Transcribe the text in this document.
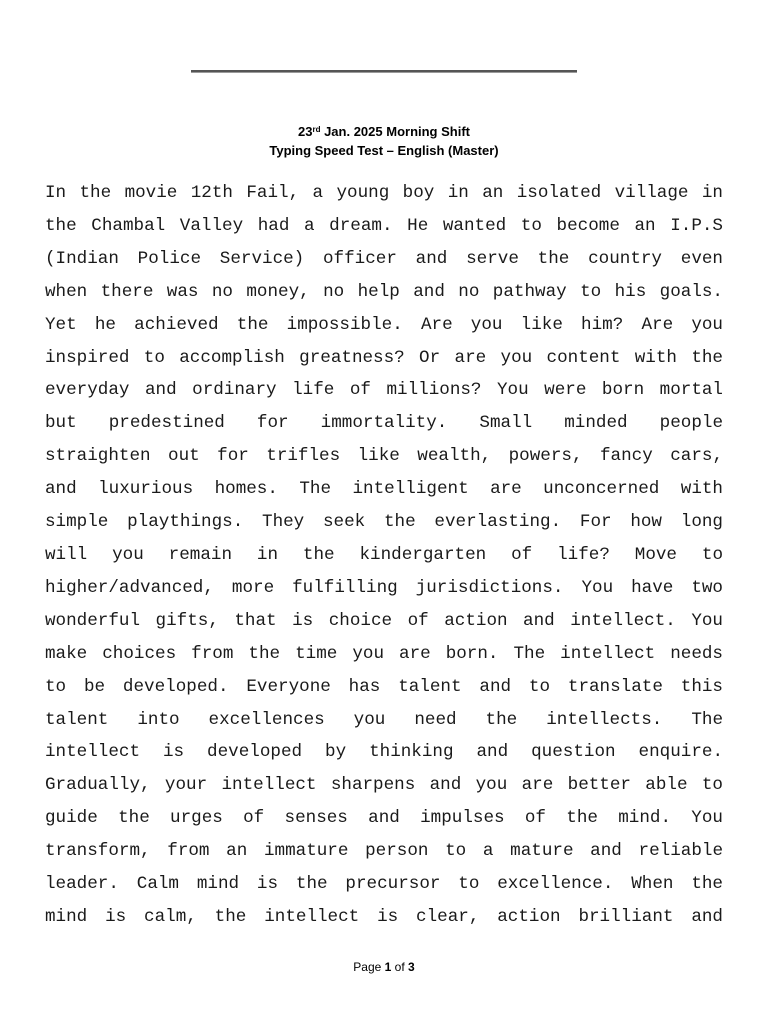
23rd Jan. 2025 Morning Shift
Typing Speed Test – English (Master)
In the movie 12th Fail, a young boy in an isolated village in
the Chambal Valley had a dream. He wanted to become an I.P.S
(Indian Police Service) officer and serve the country even
when there was no money, no help and no pathway to his goals.
Yet he achieved the impossible. Are you like him? Are you
inspired to accomplish greatness? Or are you content with the
everyday and ordinary life of millions? You were born mortal
but predestined for immortality. Small minded people
straighten out for trifles like wealth, powers, fancy cars,
and luxurious homes. The intelligent are unconcerned with
simple playthings. They seek the everlasting. For how long
will you remain in the kindergarten of life? Move to
higher/advanced, more fulfilling jurisdictions. You have two
wonderful gifts, that is choice of action and intellect. You
make choices from the time you are born. The intellect needs
to be developed. Everyone has talent and to translate this
talent into excellences you need the intellects. The
intellect is developed by thinking and question enquire.
Gradually, your intellect sharpens and you are better able to
guide the urges of senses and impulses of the mind. You
transform, from an immature person to a mature and reliable
leader. Calm mind is the precursor to excellence. When the
mind is calm, the intellect is clear, action brilliant and
Page 1 of 3
